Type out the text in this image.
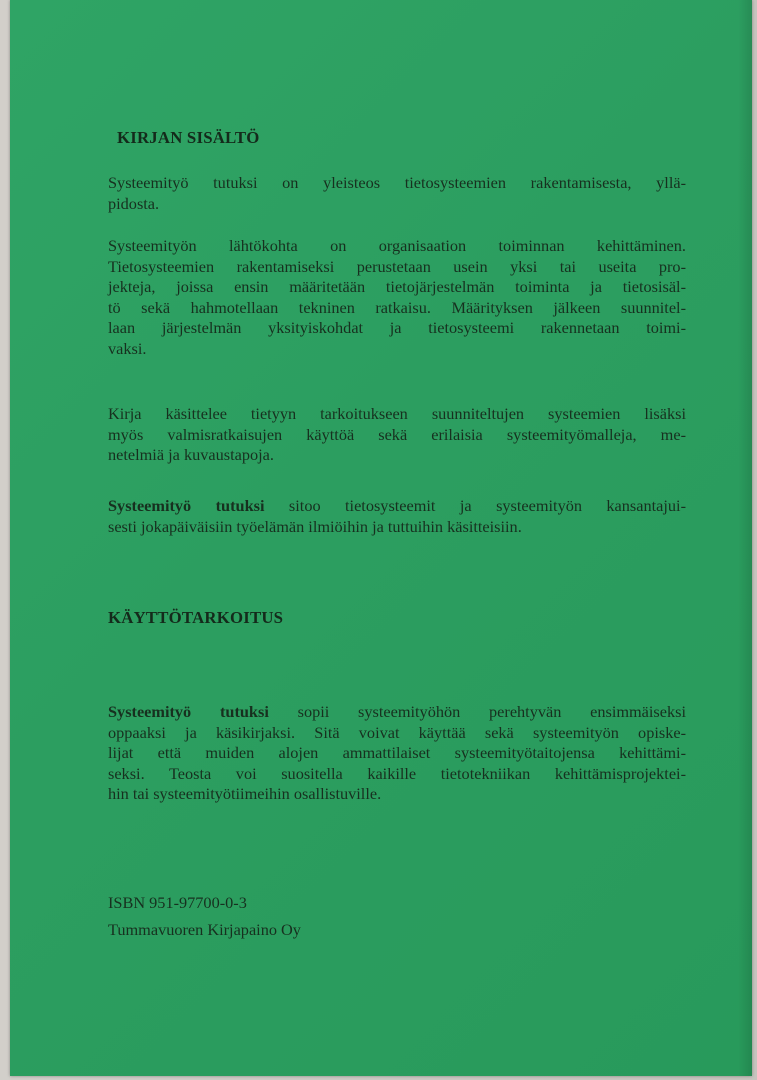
KIRJAN SISÄLTÖ
Systeemityö tutuksi on yleisteos tietosysteemien rakentamisesta, yllä-
pidosta.
Systeemityön lähtökohta on organisaation toiminnan kehittäminen.
Tietosysteemien rakentamiseksi perustetaan usein yksi tai useita pro-
jektеja, joissa ensin määritetään tietojärjestelmän toiminta ja tietosisäl-
tö sekä hahmotellaan tekninen ratkaisu. Määrityksen jälkeen suunnitel-
laan järjestelmän yksityiskohdat ja tietosysteemi rakennetaan toimi-
vaksi.
Kirja käsittelee tietyyn tarkoitukseen suunniteltujen systeemien lisäksi
myös valmisratkaisujen käyttöä sekä erilaisia systeemityömalleja, me-
netelmiä ja kuvaustapoja.
Systeemityö tutuksi sitoo tietosysteemit ja systeemityön kansantajui-
sesti jokapäiväisiin työelämän ilmiöihin ja tuttuihin käsitteisiin.
KÄYTTÖTARKOITUS
Systeemityö tutuksi sopii systeemityöhön perehtyvän ensimmäiseksi
oppaaksi ja käsikirjaksi. Sitä voivat käyttää sekä systeemityön opiske-
lijat että muiden alojen ammattilaiset systeemityötaitojensa kehittämi-
seksi. Teosta voi suositella kaikille tietotekniikan kehittämisprojektei-
hin tai systeemityötiimeihin osallistuville.
ISBN 951-97700-0-3
Tummavuoren Kirjapaino Oy
